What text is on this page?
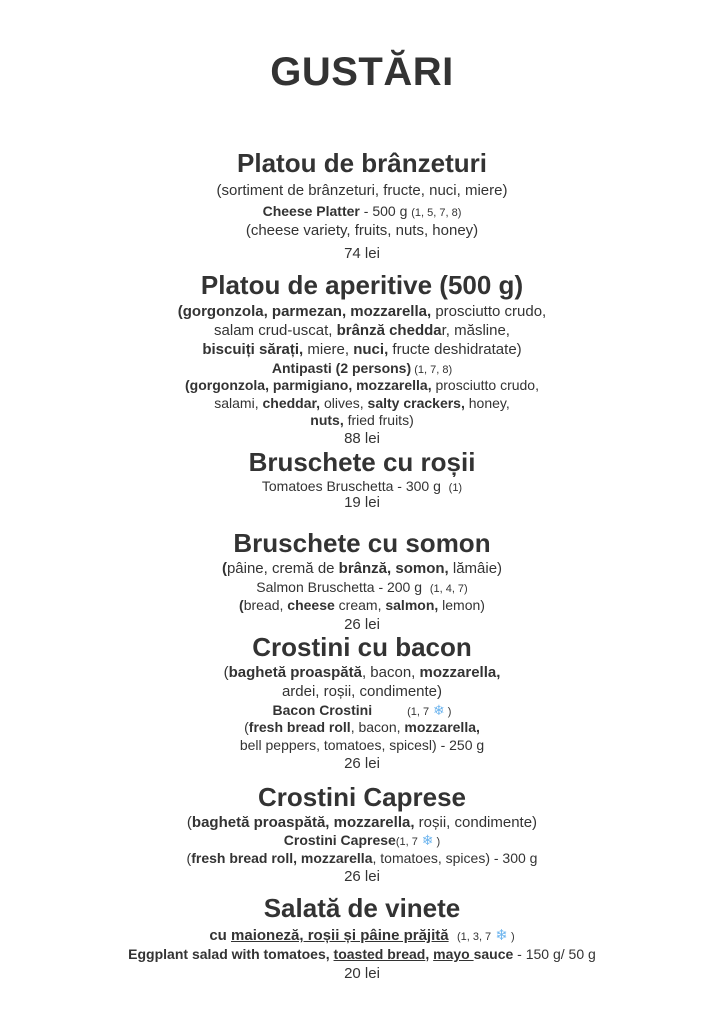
GUSTĂRI
Platou de brânzeturi
(sortiment de brânzeturi, fructe, nuci, miere)
Cheese Platter - 500 g (1, 5, 7, 8)
(cheese variety, fruits, nuts, honey)
74 lei
Platou de aperitive (500 g)
(gorgonzola, parmezan, mozzarella, prosciutto crudo,
salam crud-uscat, brânză cheddar, măsline,
biscuiți sărați, miere, nuci, fructe deshidratate)
Antipasti (2 persons) (1, 7, 8)
(gorgonzola, parmigiano, mozzarella, prosciutto crudo,
salami, cheddar, olives, salty crackers, honey,
nuts, fried fruits)
88 lei
Bruschete cu roșii
Tomatoes Bruschetta - 300 g (1)
19 lei
Bruschete cu somon
(pâine, cremă de brânză, somon, lămâie)
Salmon Bruschetta - 200 g (1, 4, 7)
(bread, cheese cream, salmon, lemon)
26 lei
Crostini cu bacon
(baghetă proaspătă, bacon, mozzarella,
ardei, roșii, condimente)
Bacon Crostini	(1, 7 ❄ )
(fresh bread roll, bacon, mozzarella,
bell peppers, tomatoes, spicesl) - 250 g
26 lei
Crostini Caprese
(baghetă proaspătă, mozzarella, roșii, condimente)
Crostini Caprese(1, 7 ❄ )
(fresh bread roll, mozzarella, tomatoes, spices) - 300 g
26 lei
Salată de vinete
cu maioneză, roșii și pâine prăjită (1, 3, 7 ❄ )
Eggplant salad with tomatoes, toasted bread, mayo sauce - 150 g/ 50 g
20 lei
